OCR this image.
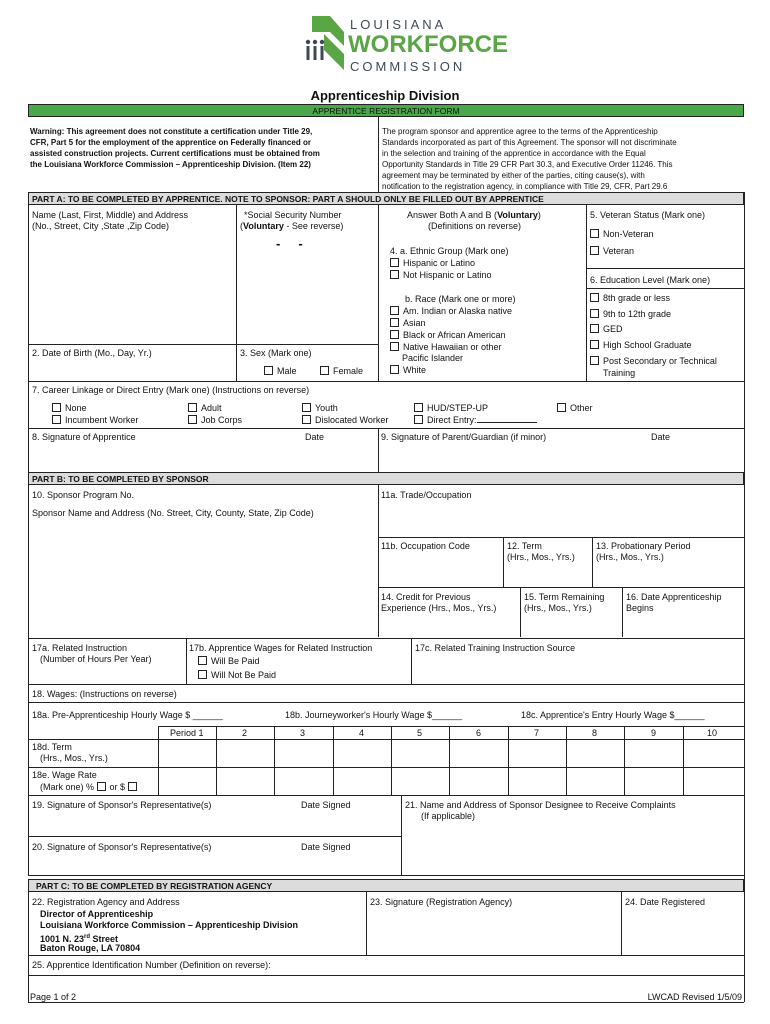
LOUISIANA
WORKFORCE
COMMISSION
Apprenticeship Division
APPRENTICE REGISTRATION FORM
Warning: This agreement does not constitute a certification under Title 29,
CFR, Part 5 for the employment of the apprentice on Federally financed or
assisted construction projects. Current certifications must be obtained from
the Louisiana Workforce Commission – Apprenticeship Division. (Item 22)
The program sponsor and apprentice agree to the terms of the Apprenticeship
Standards incorporated as part of this Agreement. The sponsor will not discriminate
in the selection and training of the apprentice in accordance with the Equal
Opportunity Standards in Title 29 CFR Part 30.3, and Executive Order 11246. This
agreement may be terminated by either of the parties, citing cause(s), with
notification to the registration agency, in compliance with Title 29, CFR, Part 29.6
PART A: TO BE COMPLETED BY APPRENTICE. NOTE TO SPONSOR: PART A SHOULD ONLY BE FILLED OUT BY APPRENTICE
Name (Last, First, Middle) and Address
(No., Street, City ,State ,Zip Code)
*Social Security Number
(Voluntary - See reverse)
-     -
Answer Both A and B (Voluntary)
(Definitions on reverse)
4. a. Ethnic Group (Mark one)
Hispanic or Latino
Not Hispanic or Latino
b. Race (Mark one or more)
Am. Indian or Alaska native
Asian
Black or African American
Native Hawaiian or other
Pacific Islander
White
5. Veteran Status (Mark one)
Non-Veteran
Veteran
6. Education Level (Mark one)
8th grade or less
9th to 12th grade
GED
High School Graduate
Post Secondary or Technical
Training
2. Date of Birth (Mo., Day, Yr.)	3. Sex (Mark one)
Male	Female
7. Career Linkage or Direct Entry (Mark one) (Instructions on reverse)
None	Adult	Youth	HUD/STEP-UP	Other
Incumbent Worker	Job Corps	Dislocated Worker	Direct Entry:
8. Signature of Apprentice	Date	9. Signature of Parent/Guardian (if minor)	Date
PART B: TO BE COMPLETED BY SPONSOR
10. Sponsor Program No.	11a. Trade/Occupation
Sponsor Name and Address (No. Street, City, County, State, Zip Code)
11b. Occupation Code	12. Term
(Hrs., Mos., Yrs.)
13. Probationary Period
(Hrs., Mos., Yrs.)
14. Credit for Previous
Experience (Hrs., Mos., Yrs.)
15. Term Remaining
(Hrs., Mos., Yrs.)
16. Date Apprenticeship
Begins
17a. Related Instruction
(Number of Hours Per Year)
17b. Apprentice Wages for Related Instruction
Will Be Paid
Will Not Be Paid
17c. Related Training Instruction Source
18. Wages: (Instructions on reverse)
18a. Pre-Apprenticeship Hourly Wage $ ______	18b. Journeyworker's Hourly Wage $______	18c. Apprentice's Entry Hourly Wage $______
Period 1	2	3	4	5	6	7	8	9	10
18d. Term
(Hrs., Mos., Yrs.)
18e. Wage Rate
(Mark one) % or $
19. Signature of Sponsor's Representative(s)	Date Signed	21. Name and Address of Sponsor Designee to Receive Complaints
(If applicable)
20. Signature of Sponsor's Representative(s)	Date Signed
PART C: TO BE COMPLETED BY REGISTRATION AGENCY
22. Registration Agency and Address
Director of Apprenticeship
Louisiana Workforce Commission – Apprenticeship Division
1001 N. 23rd Street
Baton Rouge, LA 70804
23. Signature (Registration Agency)	24. Date Registered
25. Apprentice Identification Number (Definition on reverse):
Page 1 of 2	LWCAD Revised 1/5/09
